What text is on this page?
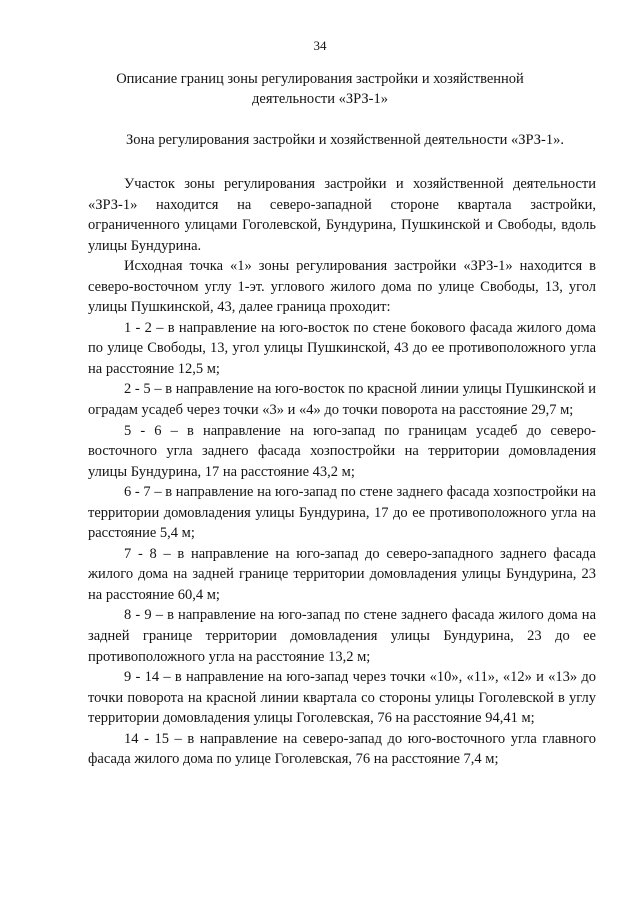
34
Описание границ зоны регулирования застройки и хозяйственной деятельности «ЗРЗ-1»
Зона регулирования застройки и хозяйственной деятельности «ЗРЗ-1».

Участок зоны регулирования застройки и хозяйственной деятельности «ЗРЗ-1» находится на северо-западной стороне квартала застройки, ограниченного улицами Гоголевской, Бундурина, Пушкинской и Свободы, вдоль улицы Бундурина.

Исходная точка «1» зоны регулирования застройки «ЗРЗ-1» находится в северо-восточном углу 1-эт. углового жилого дома по улице Свободы, 13, угол улицы Пушкинской, 43, далее граница проходит:

1 - 2 – в направление на юго-восток по стене бокового фасада жилого дома по улице Свободы, 13, угол улицы Пушкинской, 43 до ее противоположного угла на расстояние 12,5 м;

2 - 5 – в направление на юго-восток по красной линии улицы Пушкинской и оградам усадеб через точки «3» и «4» до точки поворота на расстояние 29,7 м;

5 - 6 – в направление на юго-запад по границам усадеб до северо-восточного угла заднего фасада хозпостройки на территории домовладения улицы Бундурина, 17 на расстояние 43,2 м;

6 - 7 – в направление на юго-запад по стене заднего фасада хозпостройки на территории домовладения улицы Бундурина, 17 до ее противоположного угла на расстояние 5,4 м;

7 - 8 – в направление на юго-запад до северо-западного заднего фасада жилого дома на задней границе территории домовладения улицы Бундурина, 23 на расстояние 60,4 м;

8 - 9 – в направление на юго-запад по стене заднего фасада жилого дома на задней границе территории домовладения улицы Бундурина, 23 до ее противоположного угла на расстояние 13,2 м;

9 - 14 – в направление на юго-запад через точки «10», «11», «12» и «13» до точки поворота на красной линии квартала со стороны улицы Гоголевской в углу территории домовладения улицы Гоголевская, 76 на расстояние 94,41 м;

14 - 15 – в направление на северо-запад до юго-восточного угла главного фасада жилого дома по улице Гоголевская, 76 на расстояние 7,4 м;
